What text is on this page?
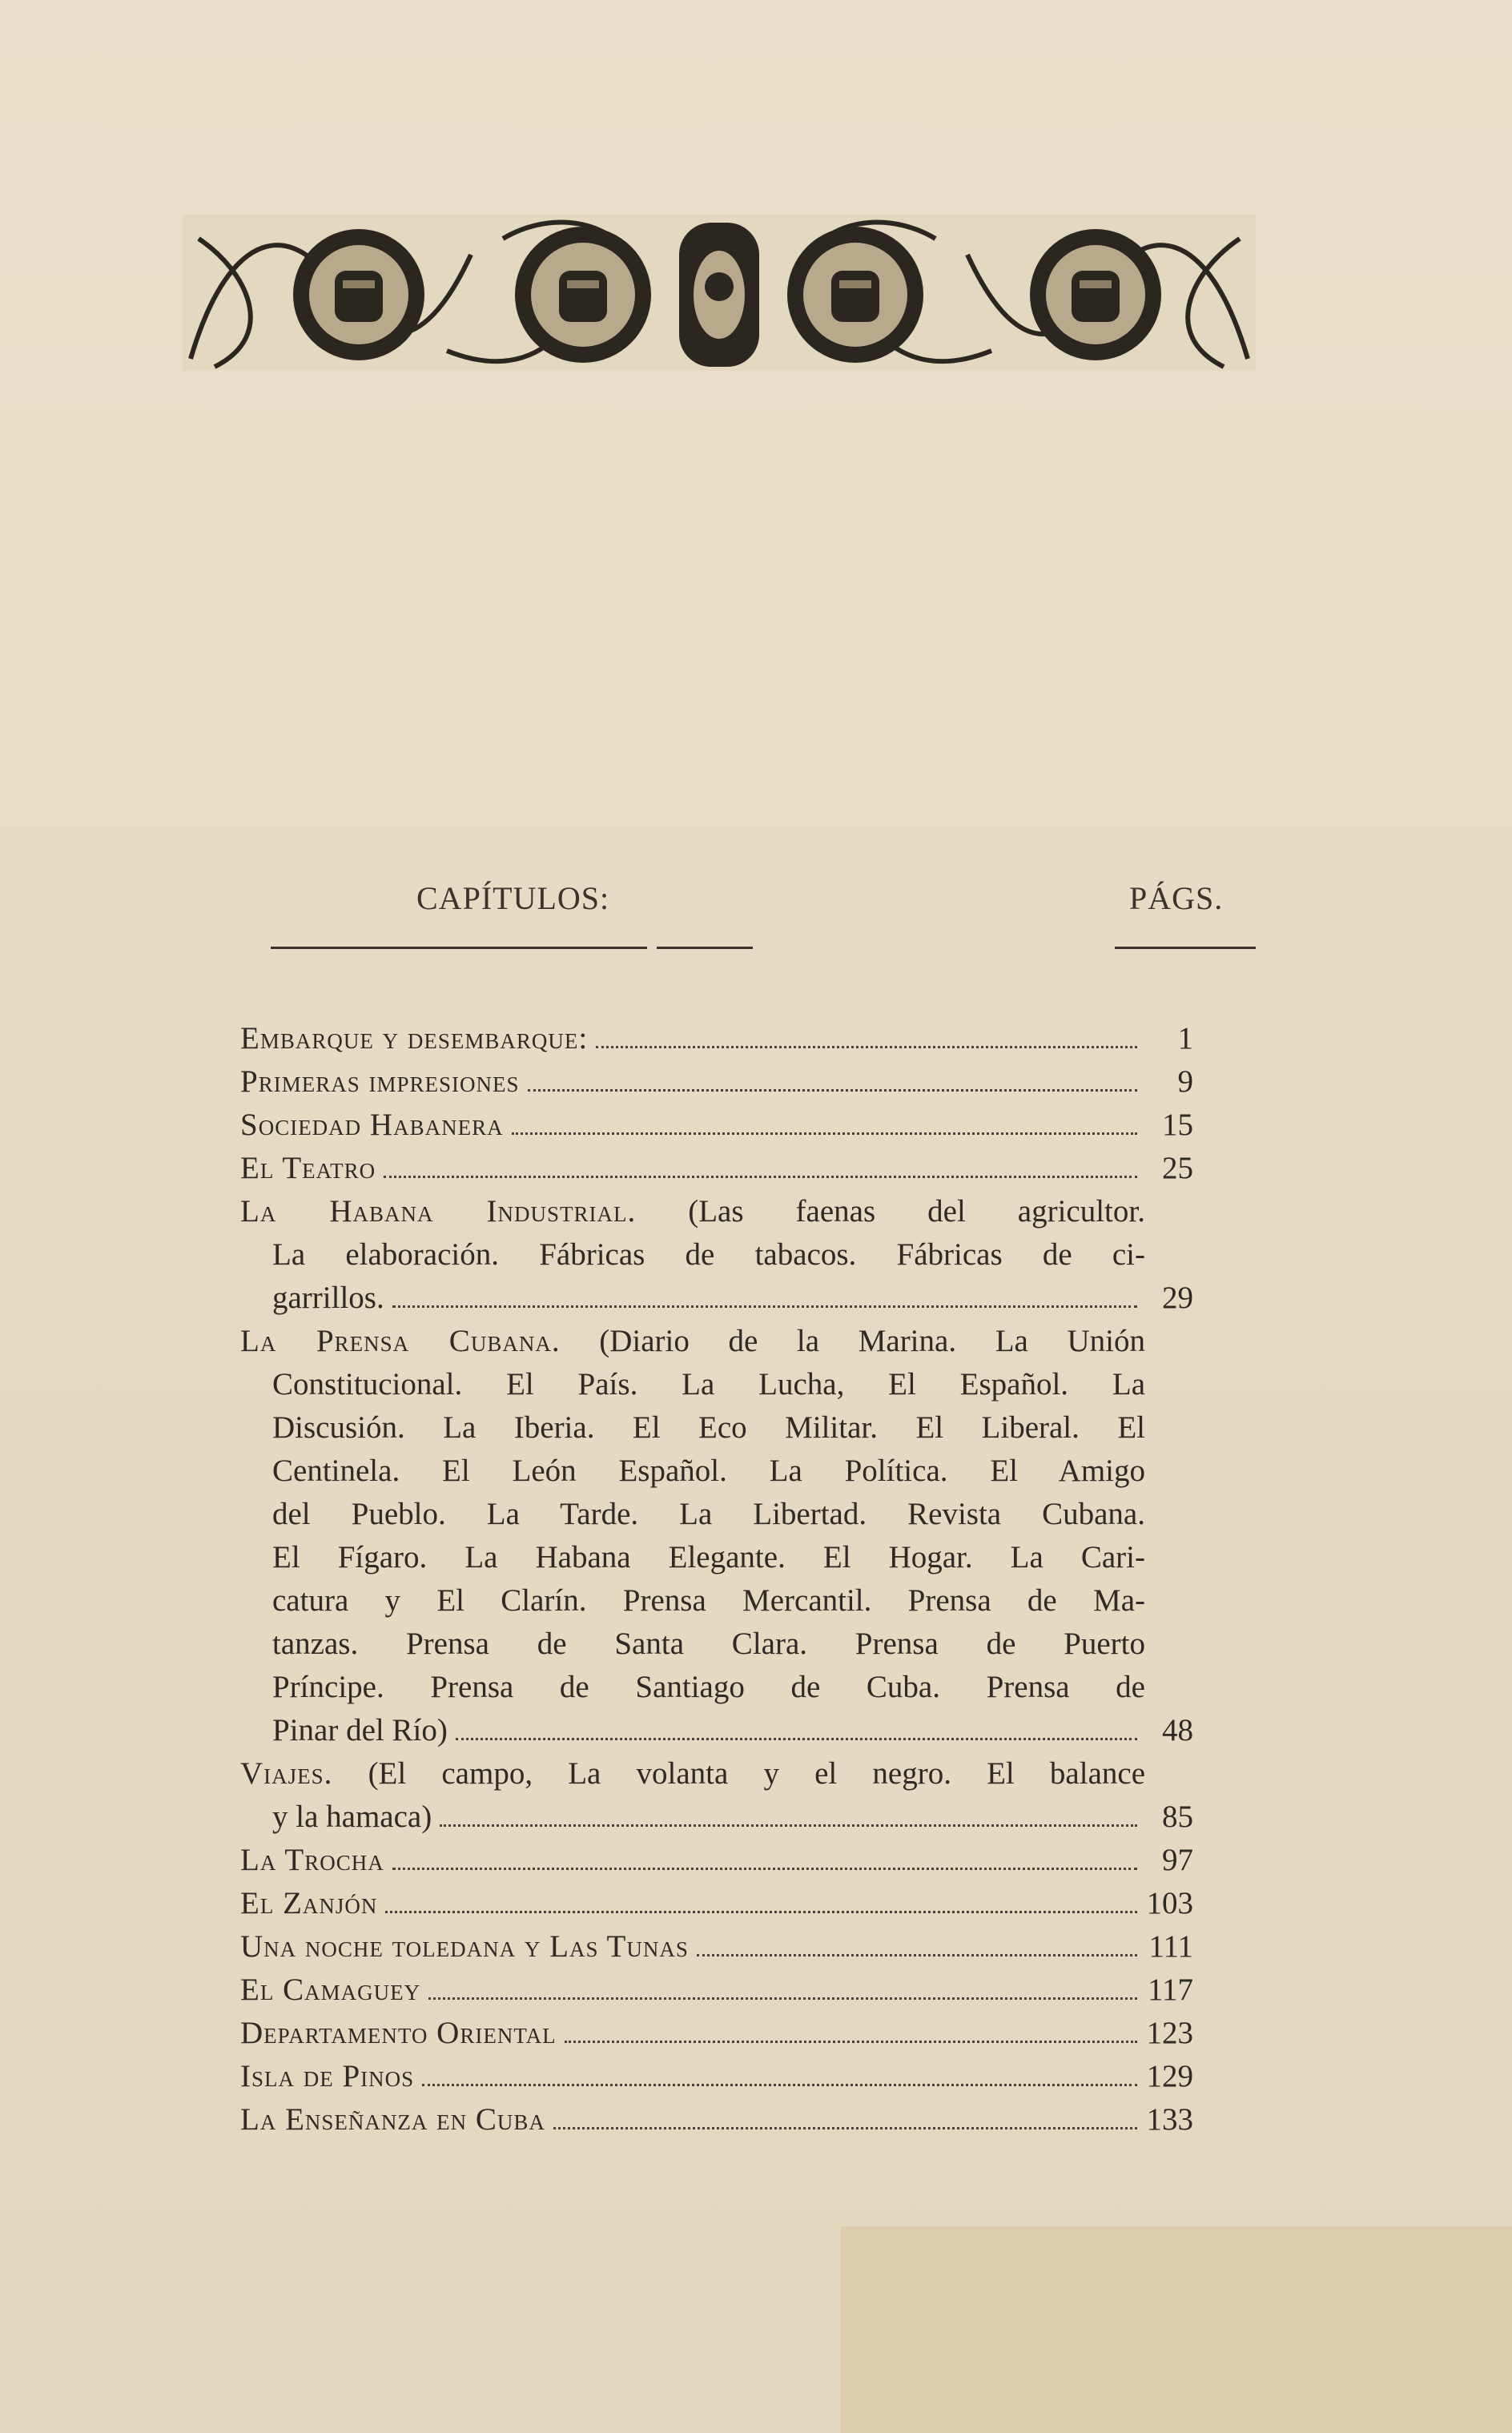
CAPÍTULOS:	PÁGS.
Embarque y desembarque:	1
Primeras impresiones	9
Sociedad Habanera	15
El Teatro	25
La Habana Industrial. (Las faenas del agricultor.
La elaboración. Fábricas de tabacos. Fábricas de ci-
garrillos.	29
La Prensa Cubana. (Diario de la Marina. La Unión
Constitucional. El País. La Lucha, El Español. La
Discusión. La Iberia. El Eco Militar. El Liberal. El
Centinela. El León Español. La Política. El Amigo
del Pueblo. La Tarde. La Libertad. Revista Cubana.
El Fígaro. La Habana Elegante. El Hogar. La Cari-
catura y El Clarín. Prensa Mercantil. Prensa de Ma-
tanzas. Prensa de Santa Clara. Prensa de Puerto
Príncipe. Prensa de Santiago de Cuba. Prensa de
Pinar del Río)	48
Viajes. (El campo, La volanta y el negro. El balance
y la hamaca)	85
La Trocha	97
El Zanjón	103
Una noche toledana y Las Tunas	111
El Camaguey	117
Departamento Oriental	123
Isla de Pinos	129
La Enseñanza en Cuba	133
